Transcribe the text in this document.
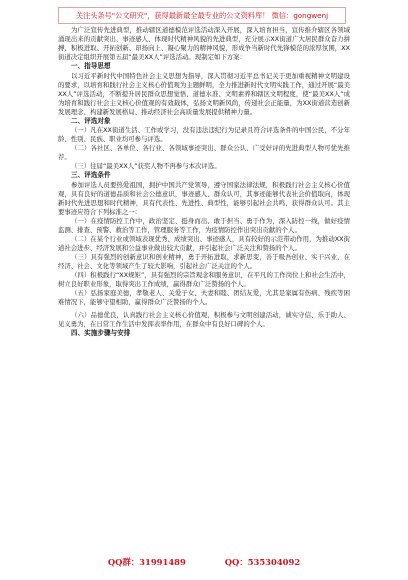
关注头条号"公文研究"，获得最新最全最专业的公文资料库！ 微信：gongwenj

为广泛宣传先进典型，推动辖区道德模范评选活动深入开展，深入培育担当，宣传推介辖区各领域涌现出来的贡献突出、事迹感人、体现时代精神风貌的先进典型，充分展示XX街道广大居民群众奋力拼搏、积极进取、开拓创新、昂扬向上、凝心聚力的精神风貌，形成争当新时代先锋模范的浓厚氛围，XX街道决定组织开展第五届“最美XX人”评选活动。现制定如下方案：

一、指导思想

以习近平新时代中国特色社会主义思想为指导，深入贯彻习近平总书记关于更加重视精神文明建设的要求，以培育和践行社会主义核心价值观为主题鲜明，全力推进新时代文明实践工作，通过开展“最美XX人”评选活动，不断提升居民群众思想觉悟、道德水准、文明素养和辖区文明程度，使“最美XX人”成为培育和践行社会主义核心价值观的有效载体，弘扬文明新风尚，传递社会正能量，为XX街道营造创新发展理念、构建新发展格局、推动经济社会高质量发展提供精神力量。

二、评选对象

（一）凡在XX街道生活、工作或学习，没有违法违纪行为记录且符合评选条件的中国公民，不分年龄、性别、民族、职业均可参与评选。

（二）各社区、各单位、各行业、各领域事迹突出、群众公认、广受好评的先进典型人物可优先推荐。

（三）往届“最美XX人”获奖人物不再参与本次评选。

三、评选条件

参加评选人员要热爱祖国，拥护中国共产党领导，遵守国家法律法规，积极践行社会主义核心价值观，具有良好的道德品质和社会公德意识，事迹感人、群众认可，其事迹能够代表社会价值取向，体现新时代先进思想和时代精神，具有代表性、先进性、典型性，能够引起社会共鸣，获得群众认可。其主要事迹应符合下列标准之一：

（一）在疫情防控工作中，政治坚定、挺身而出、敢于担当、勇于作为，深入防控一线，做好疫情监测、排查、预警、救治等工作，管理服务等工作，为疫情防控作出突出贡献的个人。

（二）在某个行业或领域表现优秀、成绩突出、事迹感人，具有较好的示范带动作用，为推动XX街道社会进步、经济发展和公益事业做出较大贡献，并引起社会广泛关注和赞扬的个人。

（三）具有强烈的创新意识和创业精神，勇于开拓进取，求新思变，善于吸吾创业、实干兴业，在经济、社会、文化等领域产生了较大影响，引起社会广泛关注的个人。

（四）积极践行“XX规矩”，具有强烈的宗旨观念和服务意识，在平凡的工作岗位上和社会生活中，树立良好职业形象，取得突出工作成绩，赢得群众广泛赞扬的个人。

（五）弘扬家庭美德，孝敬老人、关爱子女、夫妻和睦、团结友爱，尤其是家属有伤病、残疾等困难情况下，能够守望相助，赢得群众广泛赞扬的个人。

（六）品德优良，认真践行社会主义核心价值观，积极参与文明创建活动，诚实守信、乐于助人、见义勇为，在日常工作生活中发挥表率作用，在群众中有良好口碑的个人。

四、实施步骤与安排
QQ群：31991489	QQ：535304092
